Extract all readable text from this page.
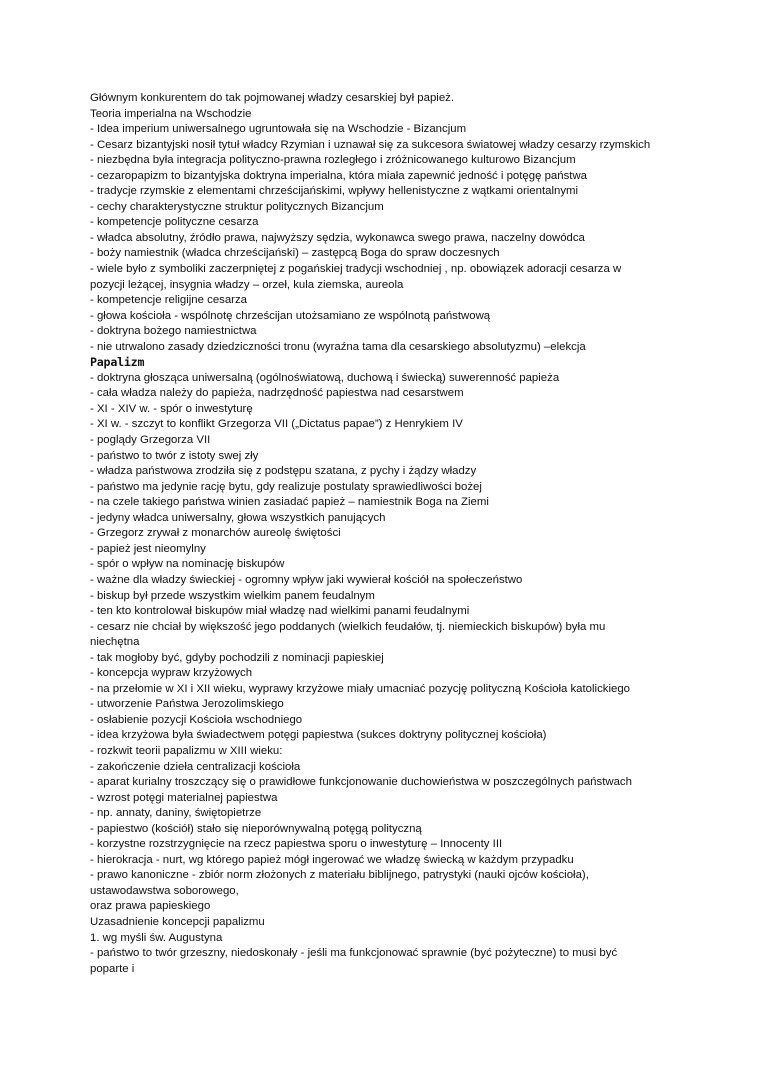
Głównym konkurentem do tak pojmowanej władzy cesarskiej był papież.
Teoria imperialna na Wschodzie
- Idea imperium uniwersalnego ugruntowała się na Wschodzie - Bizancjum
- Cesarz bizantyjski nosił tytuł władcy Rzymian i uznawał się za sukcesora światowej władzy cesarzy rzymskich
- niezbędna była integracja polityczno-prawna rozległego i zróżnicowanego kulturowo Bizancjum
- cezaropapizm to bizantyjska doktryna imperialna, która miała zapewnić jedność i potęgę państwa
- tradycje rzymskie z elementami chrześcijańskimi, wpływy hellenistyczne z wątkami orientalnymi
- cechy charakterystyczne struktur politycznych Bizancjum
- kompetencje polityczne cesarza
- władca absolutny, źródło prawa, najwyższy sędzia, wykonawca swego prawa, naczelny dowódca
- boży namiestnik (władca chrześcijański) – zastępcą Boga do spraw doczesnych
- wiele było z symboliki zaczerpniętej z pogańskiej tradycji wschodniej , np. obowiązek adoracji cesarza w
pozycji leżącej, insygnia władzy – orzeł, kula ziemska, aureola
- kompetencje religijne cesarza
- głowa kościoła - wspólnotę chrześcijan utożsamiano ze wspólnotą państwową
- doktryna bożego namiestnictwa
- nie utrwalono zasady dziedziczności tronu (wyraźna tama dla cesarskiego absolutyzmu) –elekcja
Papalizm
- doktryna głosząca uniwersalną (ogólnoświatową, duchową i świecką) suwerenność papieża
- cała władza należy do papieża, nadrzędność papiestwa nad cesarstwem
- XI - XIV w. - spór o inwestyturę
- XI w. - szczyt to konflikt Grzegorza VII („Dictatus papae”) z Henrykiem IV
- poglądy Grzegorza VII
- państwo to twór z istoty swej zły
- władza państwowa zrodziła się z podstępu szatana, z pychy i żądzy władzy
- państwo ma jedynie rację bytu, gdy realizuje postulaty sprawiedliwości bożej
- na czele takiego państwa winien zasiadać papież – namiestnik Boga na Ziemi
- jedyny władca uniwersalny, głowa wszystkich panujących
- Grzegorz zrywał z monarchów aureolę świętości
- papież jest nieomylny
- spór o wpływ na nominację biskupów
- ważne dla władzy świeckiej - ogromny wpływ jaki wywierał kościół na społeczeństwo
- biskup był przede wszystkim wielkim panem feudalnym
- ten kto kontrolował biskupów miał władzę nad wielkimi panami feudalnymi
- cesarz nie chciał by większość jego poddanych (wielkich feudałów, tj. niemieckich biskupów) była mu
niechętna
- tak mogłoby być, gdyby pochodzili z nominacji papieskiej
- koncepcja wypraw krzyżowych
- na przełomie w XI i XII wieku, wyprawy krzyżowe miały umacniać pozycję polityczną Kościoła katolickiego
- utworzenie Państwa Jerozolimskiego
- osłabienie pozycji Kościoła wschodniego
- idea krzyżowa była świadectwem potęgi papiestwa (sukces doktryny politycznej kościoła)
- rozkwit teorii papalizmu w XIII wieku:
- zakończenie dzieła centralizacji kościoła
- aparat kurialny troszczący się o prawidłowe funkcjonowanie duchowieństwa w poszczególnych państwach
- wzrost potęgi materialnej papiestwa
- np. annaty, daniny, świętopietrze
- papiestwo (kościół) stało się nieporównywalną potęgą polityczną
- korzystne rozstrzygnięcie na rzecz papiestwa sporu o inwestyturę – Innocenty III
- hierokracja - nurt, wg którego papież mógł ingerować we władzę świecką w każdym przypadku
- prawo kanoniczne - zbiór norm złożonych z materiału biblijnego, patrystyki (nauki ojców kościoła),
ustawodawstwa soborowego,
oraz prawa papieskiego
Uzasadnienie koncepcji papalizmu
1. wg myśli św. Augustyna
- państwo to twór grzeszny, niedoskonały - jeśli ma funkcjonować sprawnie (być pożyteczne) to musi być
poparte i
